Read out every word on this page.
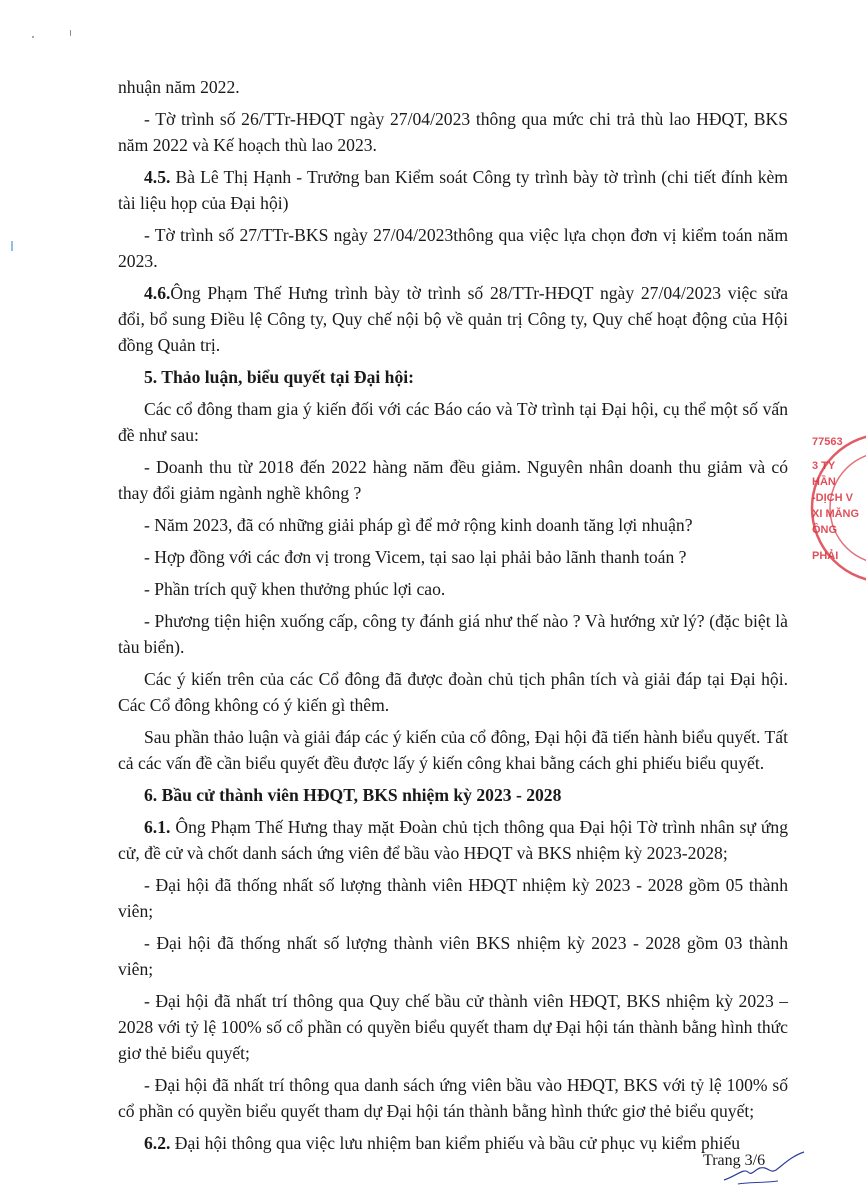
nhuận năm 2022.

- Tờ trình số 26/TTr-HĐQT ngày 27/04/2023 thông qua mức chi trả thù lao HĐQT, BKS năm 2022 và Kế hoạch thù lao 2023.

4.5. Bà Lê Thị Hạnh - Trưởng ban Kiểm soát Công ty trình bày tờ trình (chi tiết đính kèm tài liệu họp của Đại hội)

- Tờ trình số 27/TTr-BKS ngày 27/04/2023thông qua việc lựa chọn đơn vị kiểm toán năm 2023.

4.6.Ông Phạm Thế Hưng trình bày tờ trình số 28/TTr-HĐQT ngày 27/04/2023 việc sửa đổi, bổ sung Điều lệ Công ty, Quy chế nội bộ về quản trị Công ty, Quy chế hoạt động của Hội đồng Quản trị.

5. Thảo luận, biểu quyết tại Đại hội:

Các cổ đông tham gia ý kiến đối với các Báo cáo và Tờ trình tại Đại hội, cụ thể một số vấn đề như sau:

- Doanh thu từ 2018 đến 2022 hàng năm đều giảm. Nguyên nhân doanh thu giảm và có thay đổi giảm ngành nghề không ?

- Năm 2023, đã có những giải pháp gì để mở rộng kinh doanh tăng lợi nhuận?

- Hợp đồng với các đơn vị trong Vicem, tại sao lại phải bảo lãnh thanh toán ?

- Phần trích quỹ khen thưởng phúc lợi cao.

- Phương tiện hiện xuống cấp, công ty đánh giá như thế nào ? Và hướng xử lý? (đặc biệt là tàu biển).

Các ý kiến trên của các Cổ đông đã được đoàn chủ tịch phân tích và giải đáp tại Đại hội. Các Cổ đông không có ý kiến gì thêm.

Sau phần thảo luận và giải đáp các ý kiến của cổ đông, Đại hội đã tiến hành biểu quyết. Tất cả các vấn đề cần biểu quyết đều được lấy ý kiến công khai bằng cách ghi phiếu biểu quyết.

6. Bầu cử thành viên HĐQT, BKS nhiệm kỳ 2023 - 2028

6.1. Ông Phạm Thế Hưng thay mặt Đoàn chủ tịch thông qua Đại hội Tờ trình nhân sự ứng cử, đề cử và chốt danh sách ứng viên để bầu vào HĐQT và BKS nhiệm kỳ 2023-2028;

- Đại hội đã thống nhất số lượng thành viên HĐQT nhiệm kỳ 2023 - 2028 gồm 05 thành viên;

- Đại hội đã thống nhất số lượng thành viên BKS nhiệm kỳ 2023 - 2028 gồm 03 thành viên;

- Đại hội đã nhất trí thông qua Quy chế bầu cử thành viên HĐQT, BKS nhiệm kỳ 2023 – 2028 với tỷ lệ 100% số cổ phần có quyền biểu quyết tham dự Đại hội tán thành bằng hình thức giơ thẻ biểu quyết;

- Đại hội đã nhất trí thông qua danh sách ứng viên bầu vào HĐQT, BKS với tỷ lệ 100% số cổ phần có quyền biểu quyết tham dự Đại hội tán thành bằng hình thức giơ thẻ biểu quyết;

6.2. Đại hội thông qua việc lưu nhiệm ban kiểm phiếu và bầu cử phục vụ kiểm phiếu

77563
3 TY
HẦN
-DỊCH V
XI MĂNG
ÔNG
PHẢI
Trang 3/6
